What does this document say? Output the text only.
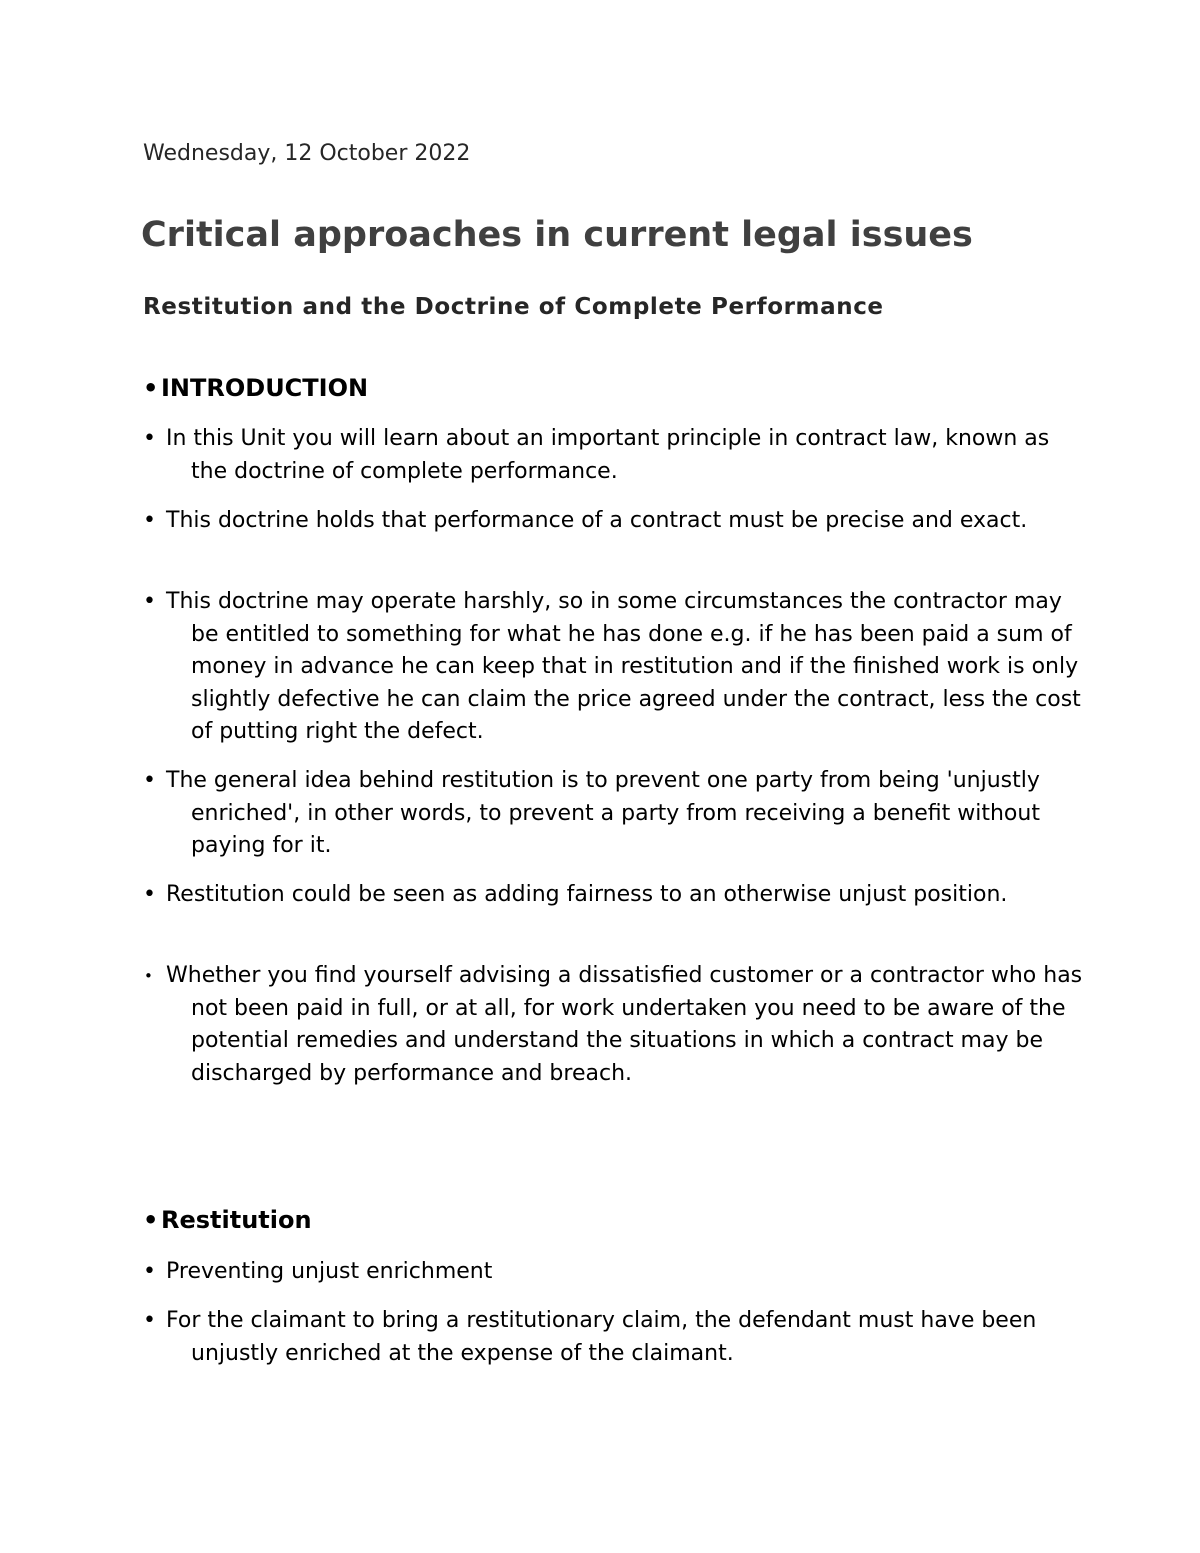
Wednesday, 12 October 2022
Critical approaches in current legal issues
Restitution and the Doctrine of Complete Performance
• INTRODUCTION
• In this Unit you will learn about an important principle in contract law, known as the doctrine of complete performance.
• This doctrine holds that performance of a contract must be precise and exact.
• This doctrine may operate harshly, so in some circumstances the contractor may be entitled to something for what he has done e.g. if he has been paid a sum of money in advance he can keep that in restitution and if the finished work is only slightly defective he can claim the price agreed under the contract, less the cost of putting right the defect.
• The general idea behind restitution is to prevent one party from being 'unjustly enriched', in other words, to prevent a party from receiving a benefit without paying for it.
• Restitution could be seen as adding fairness to an otherwise unjust position.
• Whether you find yourself advising a dissatisfied customer or a contractor who has not been paid in full, or at all, for work undertaken you need to be aware of the potential remedies and understand the situations in which a contract may be discharged by performance and breach.
• Restitution
• Preventing unjust enrichment
• For the claimant to bring a restitutionary claim, the defendant must have been unjustly enriched at the expense of the claimant.
